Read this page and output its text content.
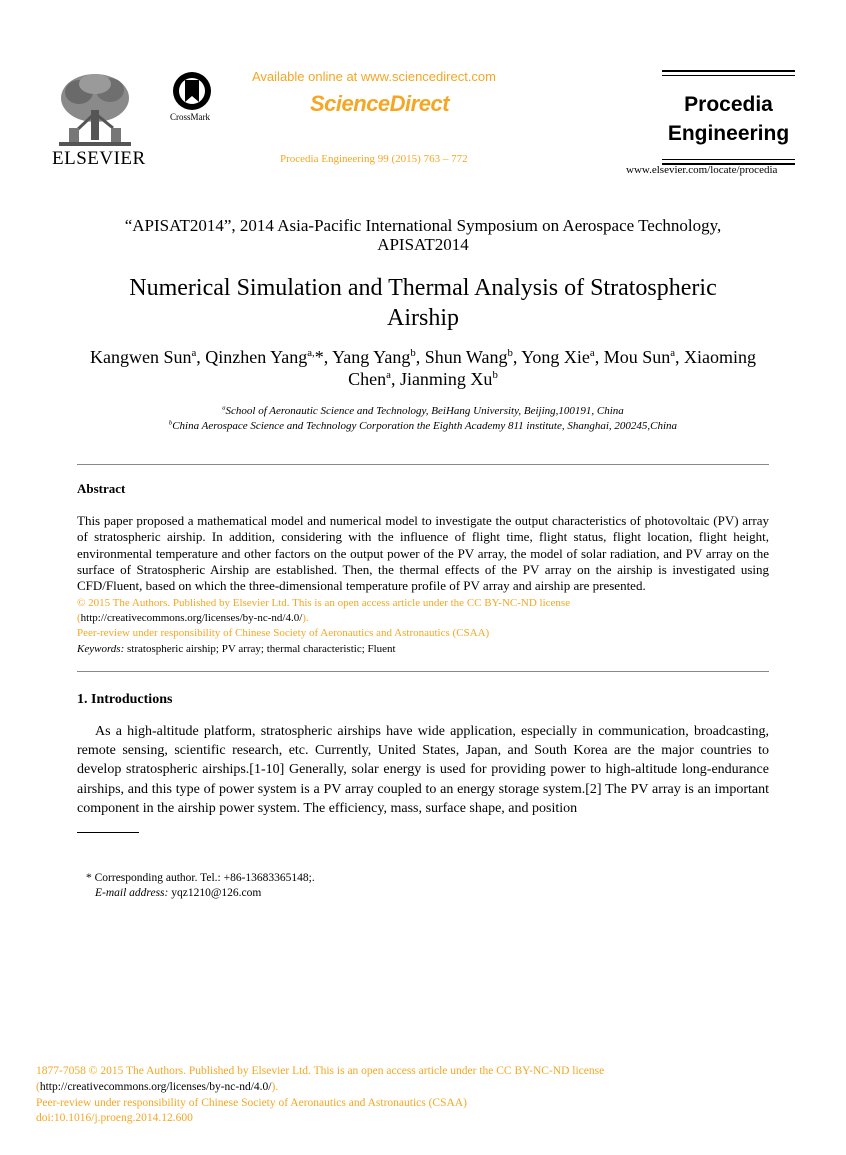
ELSEVIER
CrossMark
Available online at www.sciencedirect.com
ScienceDirect
Procedia Engineering 99 (2015) 763 – 772
Procedia
Engineering
www.elsevier.com/locate/procedia
“APISAT2014”, 2014 Asia-Pacific International Symposium on Aerospace Technology, APISAT2014
Numerical Simulation and Thermal Analysis of Stratospheric Airship
Kangwen Sun$^a$, Qinzhen Yang$^{a,}$*, Yang Yang$^b$, Shun Wang$^b$, Yong Xie$^a$, Mou Sun$^a$, Xiaoming Chen$^a$, Jianming Xu$^b$
$^a$School of Aeronautic Science and Technology, BeiHang University, Beijing,100191, China
$^b$China Aerospace Science and Technology Corporation the Eighth Academy 811 institute, Shanghai, 200245,China
Abstract
This paper proposed a mathematical model and numerical model to investigate the output characteristics of photovoltaic (PV) array of stratospheric airship. In addition, considering with the influence of flight time, flight status, flight location, flight height, environmental temperature and other factors on the output power of the PV array, the model of solar radiation, and PV array on the surface of Stratospheric Airship are established. Then, the thermal effects of the PV array on the airship is investigated using CFD/Fluent, based on which the three-dimensional temperature profile of PV array and airship are presented.
© 2015 The Authors. Published by Elsevier Ltd. This is an open access article under the CC BY-NC-ND license
(http://creativecommons.org/licenses/by-nc-nd/4.0/).
Peer-review under responsibility of Chinese Society of Aeronautics and Astronautics (CSAA)
Keywords: stratospheric airship; PV array; thermal characteristic; Fluent
1. Introductions
As a high-altitude platform, stratospheric airships have wide application, especially in communication, broadcasting, remote sensing, scientific research, etc. Currently, United States, Japan, and South Korea are the major countries to develop stratospheric airships.[1-10] Generally, solar energy is used for providing power to high-altitude long-endurance airships, and this type of power system is a PV array coupled to an energy storage system.[2] The PV array is an important component in the airship power system. The efficiency, mass, surface shape, and position
* Corresponding author. Tel.: +86-13683365148;.
E-mail address: yqz1210@126.com
1877-7058 © 2015 The Authors. Published by Elsevier Ltd. This is an open access article under the CC BY-NC-ND license
(http://creativecommons.org/licenses/by-nc-nd/4.0/).
Peer-review under responsibility of Chinese Society of Aeronautics and Astronautics (CSAA)
doi:10.1016/j.proeng.2014.12.600
